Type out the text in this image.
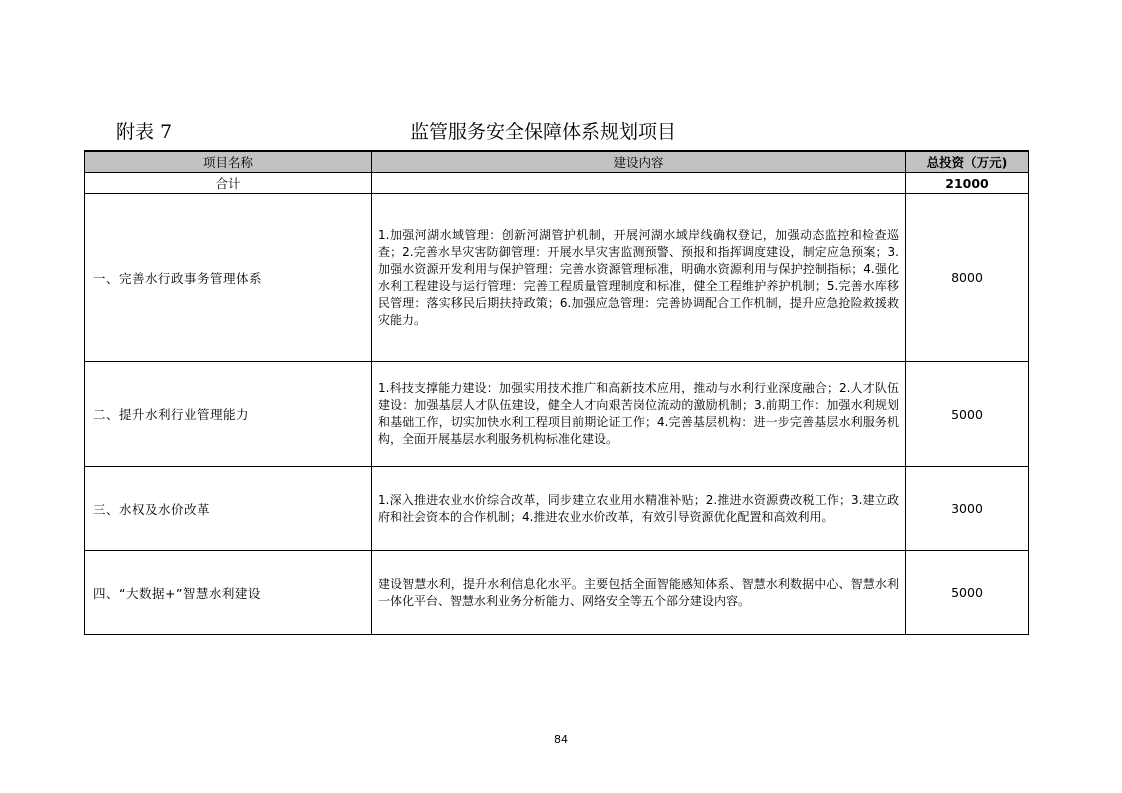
附表 7	监管服务安全保障体系规划项目
项目名称	建设内容	总投资（万元)
合计		21000
一、完善水行政事务管理体系	1.加强河湖水域管理：创新河湖管护机制，开展河湖水域岸线确权登记，加强动态监控和检查巡查；2.完善水旱灾害防御管理：开展水旱灾害监测预警、预报和指挥调度建设，制定应急预案；3.加强水资源开发利用与保护管理：完善水资源管理标准，明确水资源利用与保护控制指标；4.强化水利工程建设与运行管理：完善工程质量管理制度和标准，健全工程维护养护机制；5.完善水库移民管理：落实移民后期扶持政策；6.加强应急管理：完善协调配合工作机制，提升应急抢险救援救灾能力。	8000
二、提升水利行业管理能力	1.科技支撑能力建设：加强实用技术推广和高新技术应用，推动与水利行业深度融合；2.人才队伍建设：加强基层人才队伍建设，健全人才向艰苦岗位流动的激励机制；3.前期工作：加强水利规划和基础工作，切实加快水利工程项目前期论证工作；4.完善基层机构：进一步完善基层水利服务机构，全面开展基层水利服务机构标准化建设。	5000
三、水权及水价改革	1.深入推进农业水价综合改革，同步建立农业用水精准补贴；2.推进水资源费改税工作；3.建立政府和社会资本的合作机制；4.推进农业水价改革，有效引导资源优化配置和高效利用。	3000
四、“大数据+”智慧水利建设	建设智慧水利，提升水利信息化水平。主要包括全面智能感知体系、智慧水利数据中心、智慧水利一体化平台、智慧水利业务分析能力、网络安全等五个部分建设内容。	5000
84
